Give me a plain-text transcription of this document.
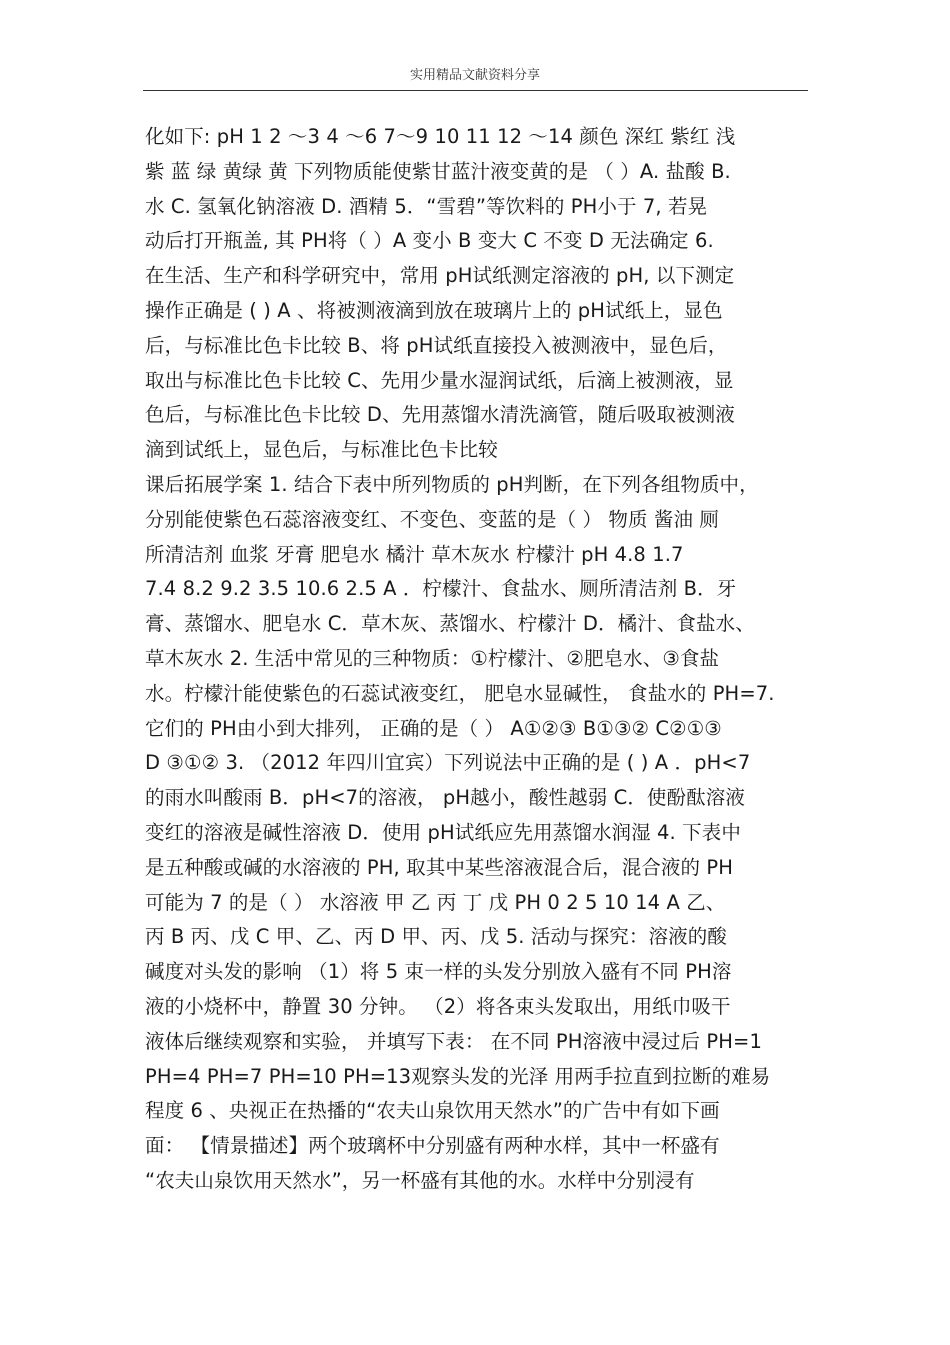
实用精品文献资料分享
化如下: pH 1 2 ～3 4 ～6 7～9 10 11 12 ～14 颜色 深红 紫红 浅
紫 蓝 绿 黄绿 黄 下列物质能使紫甘蓝汁液变黄的是 （ ）A. 盐酸 B.
水 C. 氢氧化钠溶液 D. 酒精 5．“雪碧”等饮料的 PH小于 7, 若晃
动后打开瓶盖, 其 PH将（ ）A 变小 B 变大 C 不变 D 无法确定 6.
在生活、生产和科学研究中，常用 pH试纸测定溶液的 pH, 以下测定
操作正确是 ( ) A 、将被测液滴到放在玻璃片上的 pH试纸上，显色
后，与标准比色卡比较 B、将 pH试纸直接投入被测液中，显色后，
取出与标准比色卡比较 C、先用少量水湿润试纸，后滴上被测液，显
色后，与标准比色卡比较 D、先用蒸馏水清洗滴管，随后吸取被测液
滴到试纸上，显色后，与标准比色卡比较
课后拓展学案 1. 结合下表中所列物质的 pH判断，在下列各组物质中，
分别能使紫色石蕊溶液变红、不变色、变蓝的是（ ） 物质 酱油 厕
所清洁剂 血浆 牙膏 肥皂水 橘汁 草木灰水 柠檬汁 pH 4.8 1.7
7.4 8.2 9.2 3.5 10.6 2.5 A ．柠檬汁、食盐水、厕所清洁剂 B．牙
膏、蒸馏水、肥皂水 C．草木灰、蒸馏水、柠檬汁 D．橘汁、食盐水、
草木灰水 2. 生活中常见的三种物质：①柠檬汁、②肥皂水、③食盐
水。柠檬汁能使紫色的石蕊试液变红， 肥皂水显碱性， 食盐水的 PH=7.
它们的 PH由小到大排列， 正确的是（ ） A①②③ B①③② C②①③
D ③①② 3. （2012 年四川宜宾）下列说法中正确的是 ( ) A ．pH<7
的雨水叫酸雨 B．pH<7的溶液， pH越小，酸性越弱 C．使酚酞溶液
变红的溶液是碱性溶液 D．使用 pH试纸应先用蒸馏水润湿 4. 下表中
是五种酸或碱的水溶液的 PH, 取其中某些溶液混合后，混合液的 PH
可能为 7 的是（ ） 水溶液 甲 乙 丙 丁 戊 PH 0 2 5 10 14 A 乙、
丙 B 丙、戊 C 甲、乙、丙 D 甲、丙、戊 5. 活动与探究：溶液的酸
碱度对头发的影响 （1）将 5 束一样的头发分别放入盛有不同 PH溶
液的小烧杯中，静置 30 分钟。 （2）将各束头发取出，用纸巾吸干
液体后继续观察和实验， 并填写下表： 在不同 PH溶液中浸过后 PH=1
PH=4 PH=7 PH=10 PH=13观察头发的光泽 用两手拉直到拉断的难易
程度 6 、央视正在热播的“农夫山泉饮用天然水”的广告中有如下画
面： 【情景描述】两个玻璃杯中分别盛有两种水样，其中一杯盛有
“农夫山泉饮用天然水”，另一杯盛有其他的水。水样中分别浸有
